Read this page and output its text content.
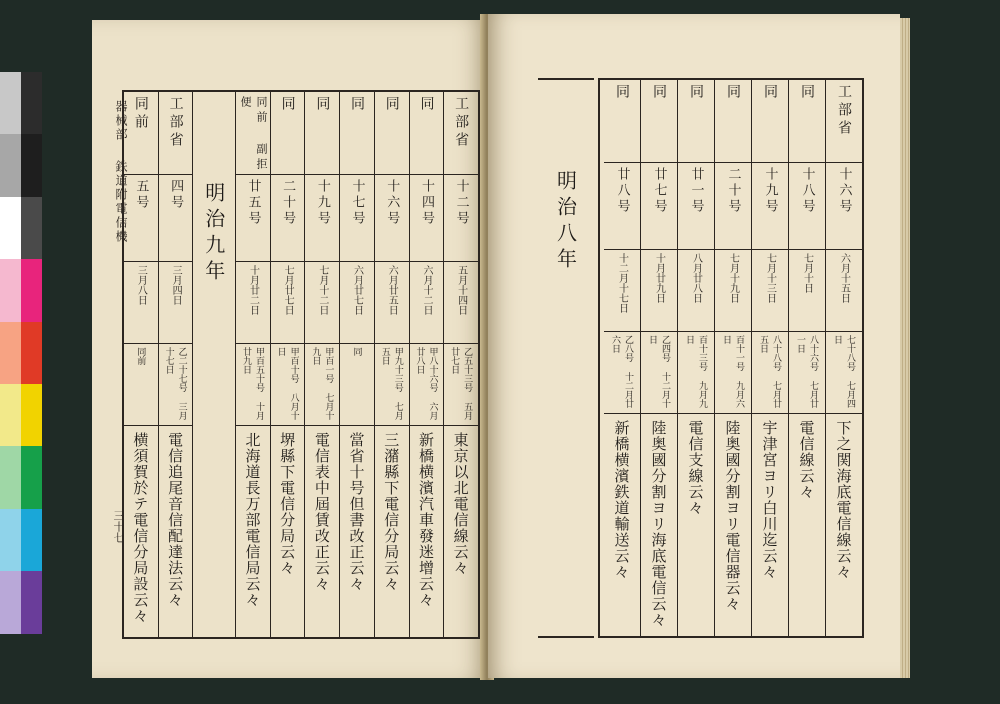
器械部鉄道附電信機
三十七
工部省
十二号
五月十四日
乙五十三号 五月廿七日
東京以北電信線云々
同
十四号
六月十二日
甲八十六号 六月廿八日
新橋横濱汽車發迷增云々
同
十六号
六月廿五日
甲九十三号 七月五日
三潴縣下電信分局云々
同
十七号
六月廿七日
同
當省十号但書改正云々
同
十九号
七月十二日
甲百一号 七月十九日
電信表中屆賃改正云々
同
二十号
七月廿七日
甲百十号 八月十日
堺縣下電信分局云々
同前 副拒便
廿五号
十月廿二日
甲百五十号 十月廿九日
北海道長万部電信局云々
明治九年
工部省
四号
三月四日
乙二十七号 三月十七日
電信追尾音信配達法云々
同前
五号
三月八日
同前
横須賀於テ電信分局設云々
工部省
十六号
六月十五日
七十八号 七月四日
下之関海底電信線云々
同
十八号
七月十日
八十六号 七月廿一日
電信線云々
同
十九号
七月十三日
八十八号 七月廿五日
宇津宮ヨリ白川迄云々
同
二十号
七月十九日
百十一号 九月六日
陸奥國分割ヨリ電信器云々
同
廿一号
八月廿八日
百十三号 九月九日
電信支線云々
同
廿七号
十月廿九日
乙四号 十二月十日
陸奥國分割ヨリ海底電信云々
同
廿八号
十二月十七日
乙八号 十二月廿六日
新橋横濱鉄道輸送云々
明治八年
